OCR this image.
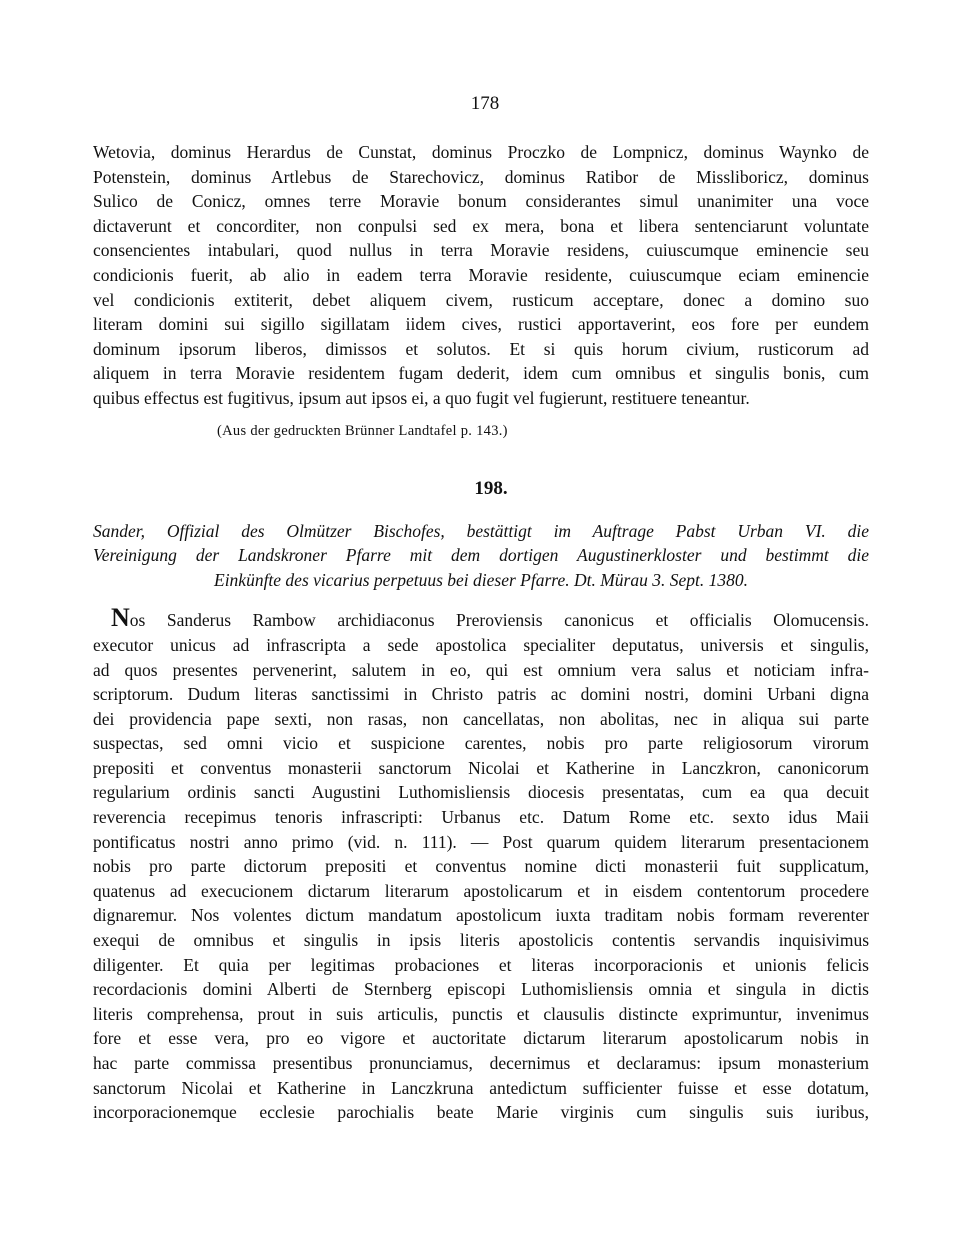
178
Wetovia, dominus Herardus de Cunstat, dominus Proczko de Lompnicz, dominus Waynko de
Potenstein, dominus Artlebus de Starechovicz, dominus Ratibor de Missliboricz, dominus
Sulico de Conicz, omnes terre Moravie bonum considerantes simul unanimiter una voce
dictaverunt et concorditer, non conpulsi sed ex mera, bona et libera sentenciarunt voluntate
consencientes intabulari, quod nullus in terra Moravie residens, cuiuscumque eminencie seu
condicionis fuerit, ab alio in eadem terra Moravie residente, cuiuscumque eciam eminencie
vel condicionis extiterit, debet aliquem civem, rusticum acceptare, donec a domino suo
literam domini sui sigillo sigillatam iidem cives, rustici apportaverint, eos fore per eundem
dominum ipsorum liberos, dimissos et solutos. Et si quis horum civium, rusticorum ad
aliquem in terra Moravie residentem fugam dederit, idem cum omnibus et singulis bonis, cum
quibus effectus est fugitivus, ipsum aut ipsos ei, a quo fugit vel fugierunt, restituere teneantur.
(Aus der gedruckten Brünner Landtafel p. 143.)
198.
Sander, Offizial des Olmützer Bischofes, bestättigt im Auftrage Pabst Urban VI. die
Vereinigung der Landskroner Pfarre mit dem dortigen Augustinerkloster und bestimmt die
Einkünfte des vicarius perpetuus bei dieser Pfarre. Dt. Mürau 3. Sept. 1380.
Nos Sanderus Rambow archidiaconus Preroviensis canonicus et officialis Olomucensis.
executor unicus ad infrascripta a sede apostolica specialiter deputatus, universis et singulis,
ad quos presentes pervenerint, salutem in eo, qui est omnium vera salus et noticiam infra-
scriptorum. Dudum literas sanctissimi in Christo patris ac domini nostri, domini Urbani digna
dei providencia pape sexti, non rasas, non cancellatas, non abolitas, nec in aliqua sui parte
suspectas, sed omni vicio et suspicione carentes, nobis pro parte religiosorum virorum
prepositi et conventus monasterii sanctorum Nicolai et Katherine in Lanczkron, canonicorum
regularium ordinis sancti Augustini Luthomisliensis diocesis presentatas, cum ea qua decuit
reverencia recepimus tenoris infrascripti: Urbanus etc. Datum Rome etc. sexto idus Maii
pontificatus nostri anno primo (vid. n. 111). — Post quarum quidem literarum presentacionem
nobis pro parte dictorum prepositi et conventus nomine dicti monasterii fuit supplicatum,
quatenus ad execucionem dictarum literarum apostolicarum et in eisdem contentorum procedere
dignaremur. Nos volentes dictum mandatum apostolicum iuxta traditam nobis formam reverenter
exequi de omnibus et singulis in ipsis literis apostolicis contentis servandis inquisivimus
diligenter. Et quia per legitimas probaciones et literas incorporacionis et unionis felicis
recordacionis domini Alberti de Sternberg episcopi Luthomisliensis omnia et singula in dictis
literis comprehensa, prout in suis articulis, punctis et clausulis distincte exprimuntur, invenimus
fore et esse vera, pro eo vigore et auctoritate dictarum literarum apostolicarum nobis in
hac parte commissa presentibus pronunciamus, decernimus et declaramus: ipsum monasterium
sanctorum Nicolai et Katherine in Lanczkruna antedictum sufficienter fuisse et esse dotatum,
incorporacionemque ecclesie parochialis beate Marie virginis cum singulis suis iuribus,
